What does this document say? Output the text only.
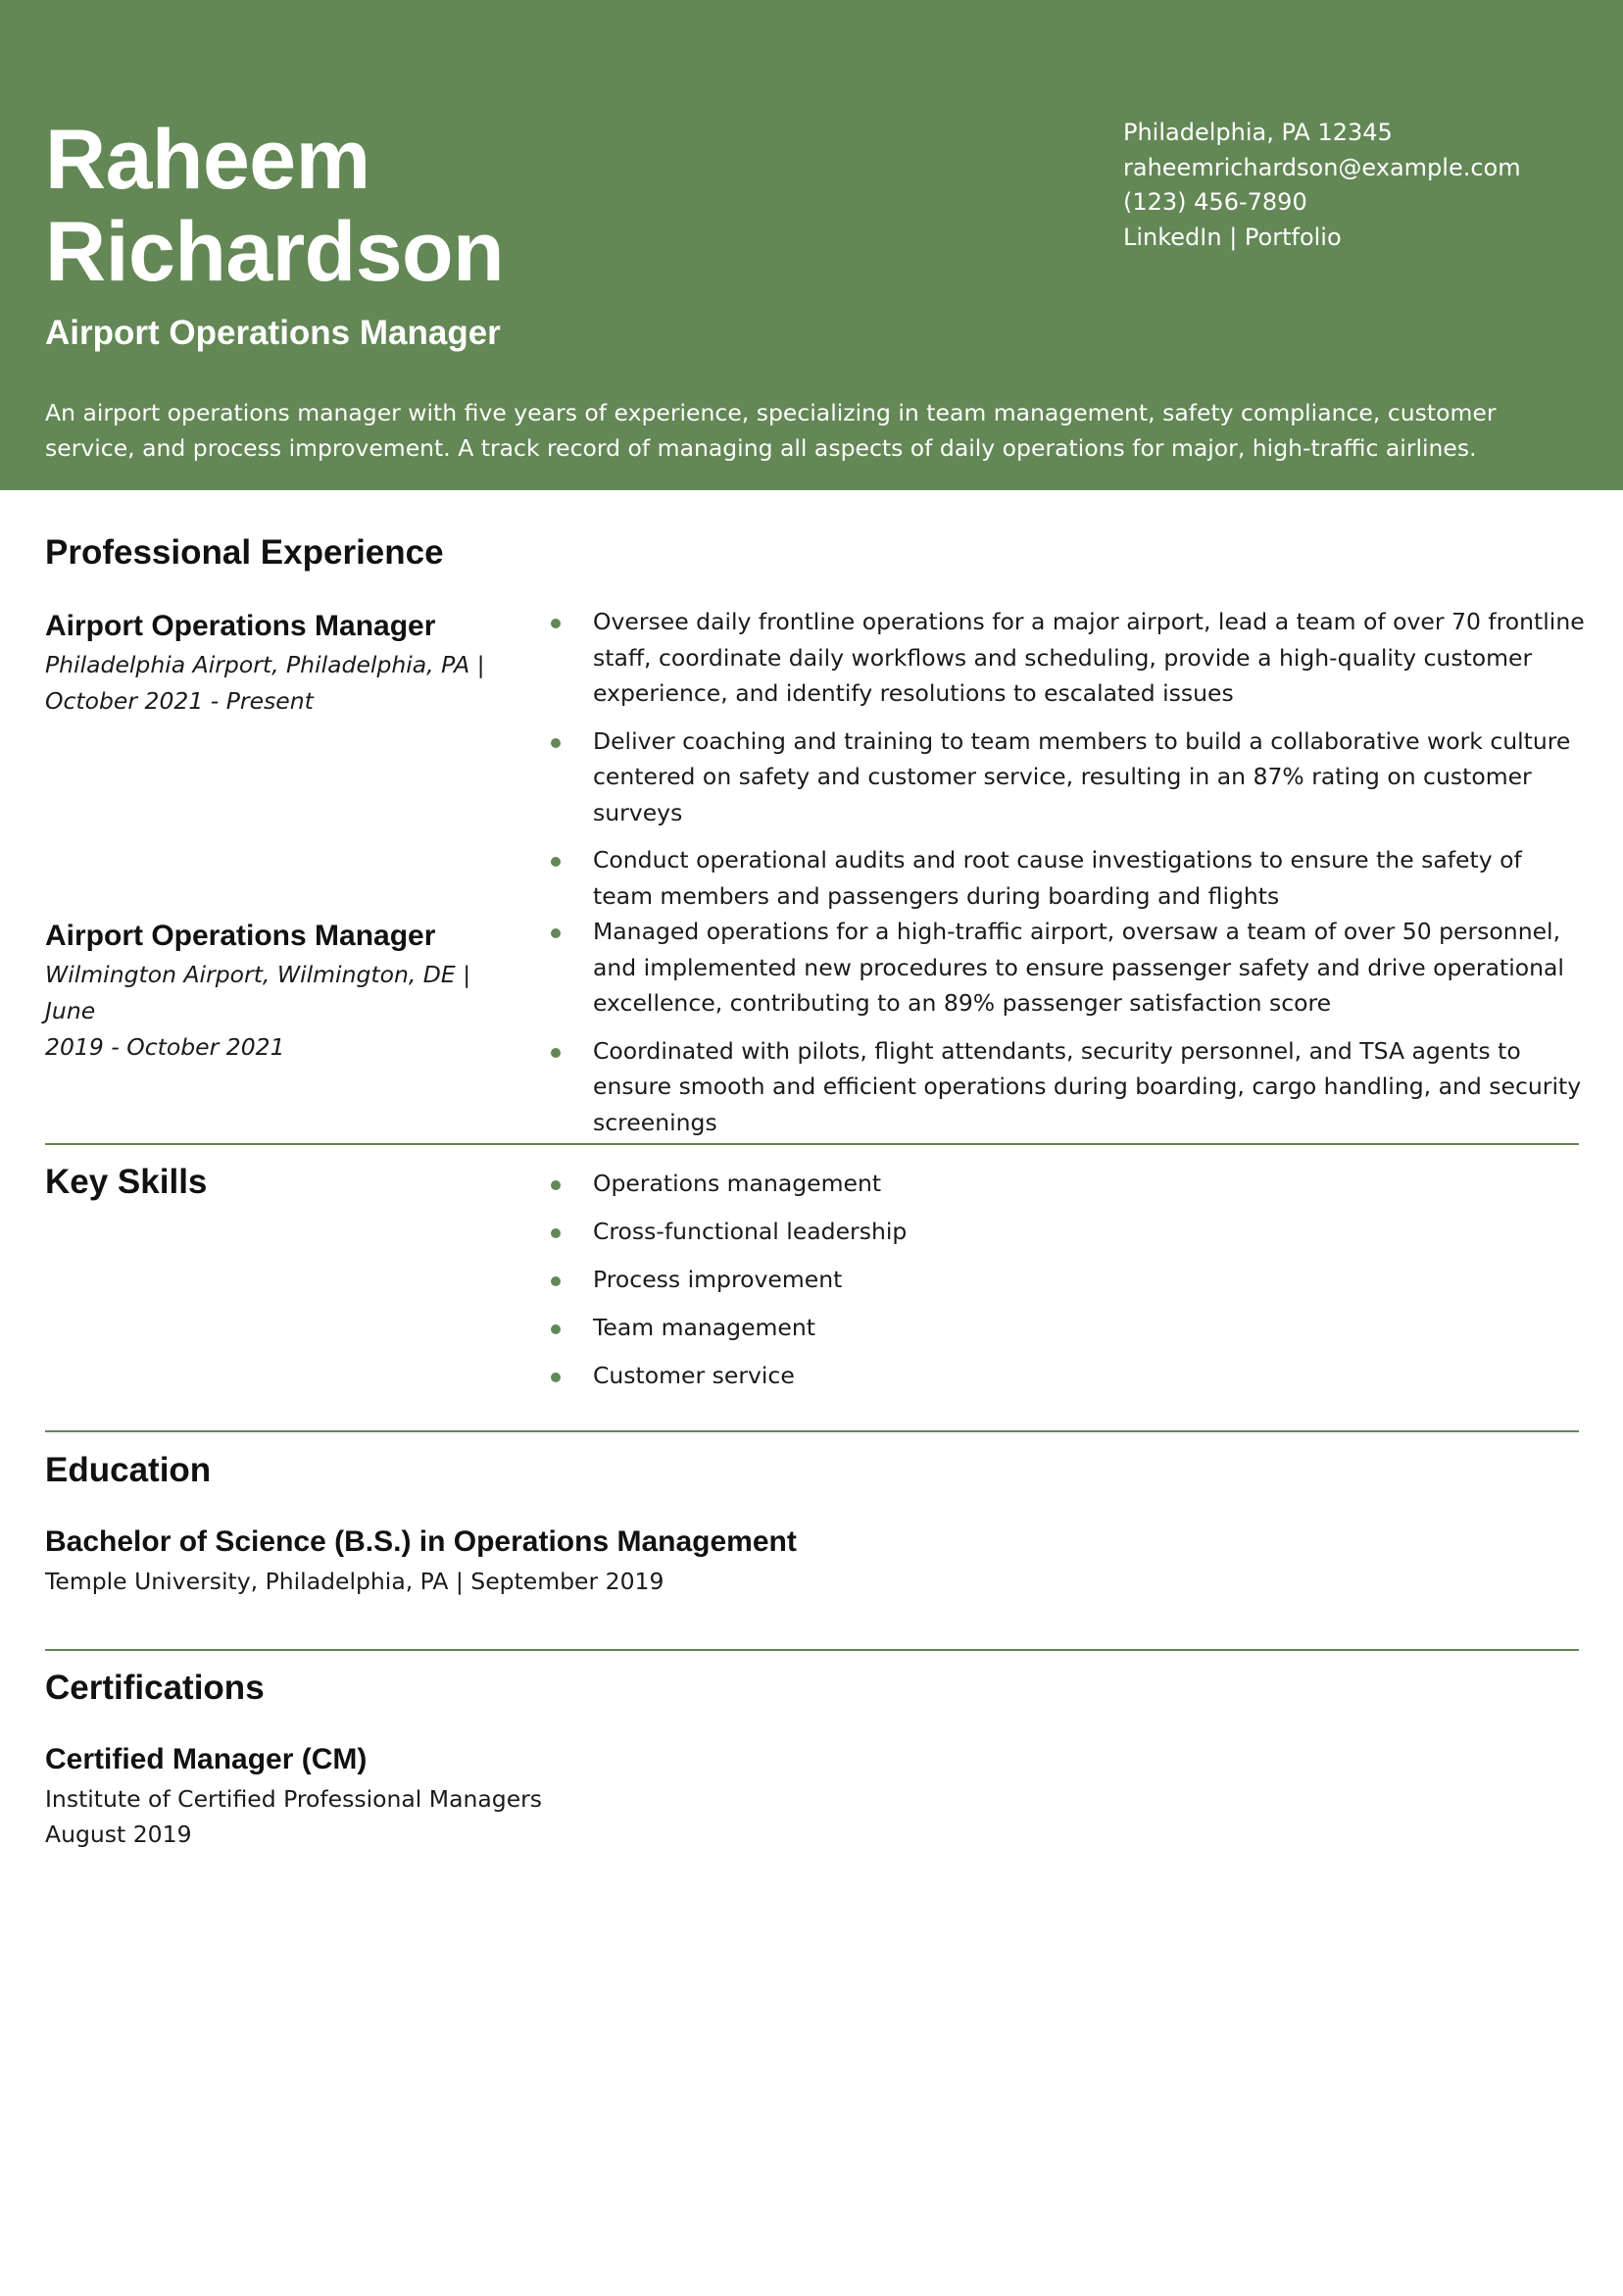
Raheem
Richardson
Airport Operations Manager
Philadelphia, PA 12345
raheemrichardson@example.com
(123) 456-7890
LinkedIn | Portfolio

An airport operations manager with five years of experience, specializing in team management, safety compliance, customer service, and process improvement. A track record of managing all aspects of daily operations for major, high-traffic airlines.

Professional Experience
Airport Operations Manager
Philadelphia Airport, Philadelphia, PA |
October 2021 - Present
Oversee daily frontline operations for a major airport, lead a team of over 70 frontline staff, coordinate daily workflows and scheduling, provide a high-quality customer experience, and identify resolutions to escalated issues
Deliver coaching and training to team members to build a collaborative work culture centered on safety and customer service, resulting in an 87% rating on customer surveys
Conduct operational audits and root cause investigations to ensure the safety of team members and passengers during boarding and flights
Airport Operations Manager
Wilmington Airport, Wilmington, DE | June
2019 - October 2021
Managed operations for a high-traffic airport, oversaw a team of over 50 personnel, and implemented new procedures to ensure passenger safety and drive operational excellence, contributing to an 89% passenger satisfaction score
Coordinated with pilots, flight attendants, security personnel, and TSA agents to ensure smooth and efficient operations during boarding, cargo handling, and security screenings
Key Skills	Operations management
Cross-functional leadership
Process improvement
Team management
Customer service
Education
Bachelor of Science (B.S.) in Operations Management
Temple University, Philadelphia, PA | September 2019
Certifications
Certified Manager (CM)
Institute of Certified Professional Managers
August 2019
